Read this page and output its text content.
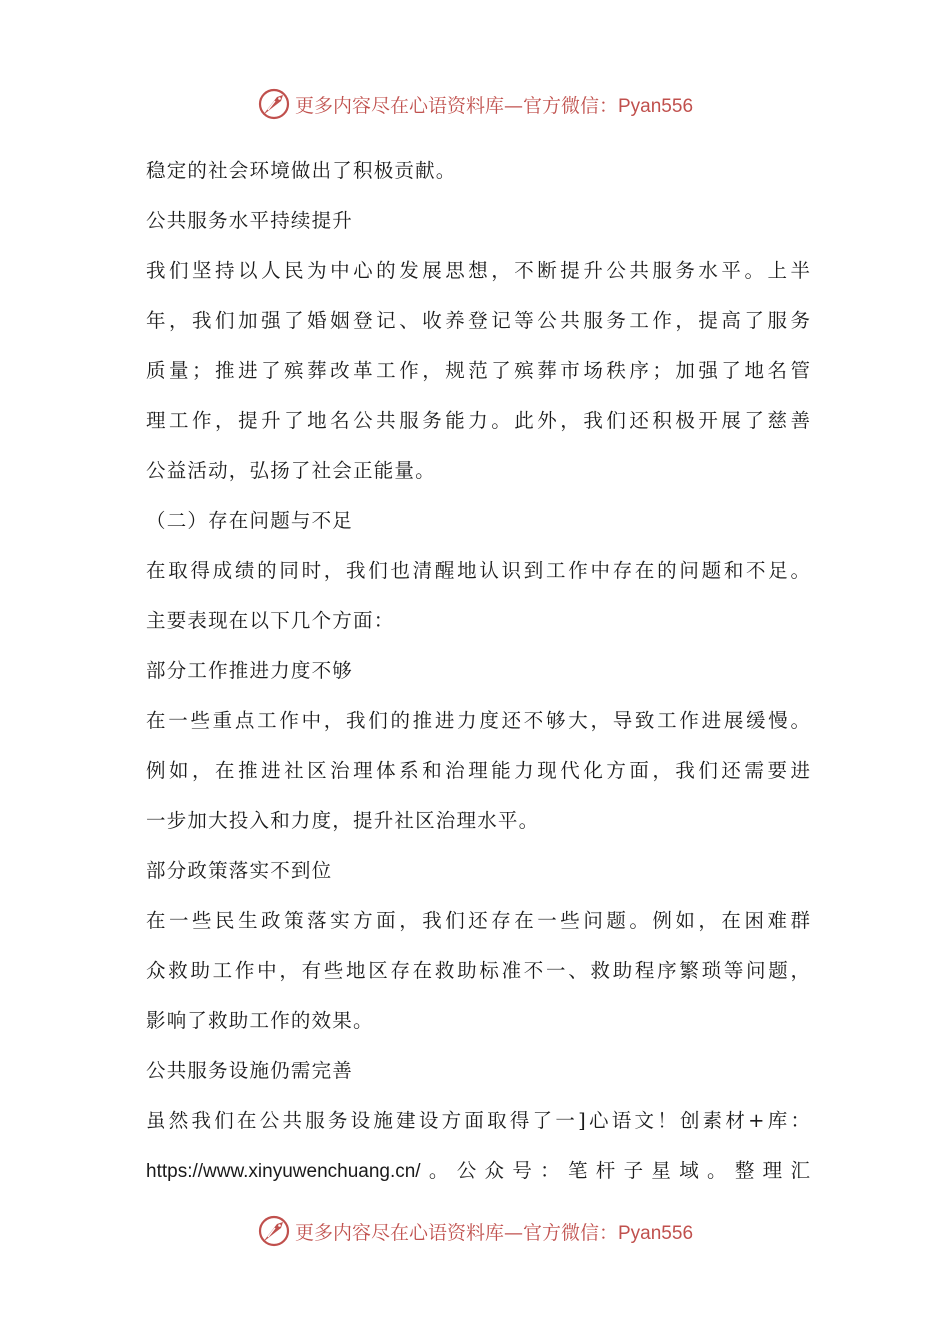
更多内容尽在心语资料库—官方微信：Pyan556
稳定的社会环境做出了积极贡献。
公共服务水平持续提升
我们坚持以人民为中心的发展思想，不断提升公共服务水平。上半
年，我们加强了婚姻登记、收养登记等公共服务工作，提高了服务
质量；推进了殡葬改革工作，规范了殡葬市场秩序；加强了地名管
理工作，提升了地名公共服务能力。此外，我们还积极开展了慈善
公益活动，弘扬了社会正能量。
（二）存在问题与不足
在取得成绩的同时，我们也清醒地认识到工作中存在的问题和不足。
主要表现在以下几个方面：
部分工作推进力度不够
在一些重点工作中，我们的推进力度还不够大，导致工作进展缓慢。
例如，在推进社区治理体系和治理能力现代化方面，我们还需要进
一步加大投入和力度，提升社区治理水平。
部分政策落实不到位
在一些民生政策落实方面，我们还存在一些问题。例如，在困难群
众救助工作中，有些地区存在救助标准不一、救助程序繁琐等问题，
影响了救助工作的效果。
公共服务设施仍需完善
虽然我们在公共服务设施建设方面取得了一]心语文！创素材+库：
https://www.xinyuwenchuang.cn/。公众号：笔杆子星域。整理汇
更多内容尽在心语资料库—官方微信：Pyan556
